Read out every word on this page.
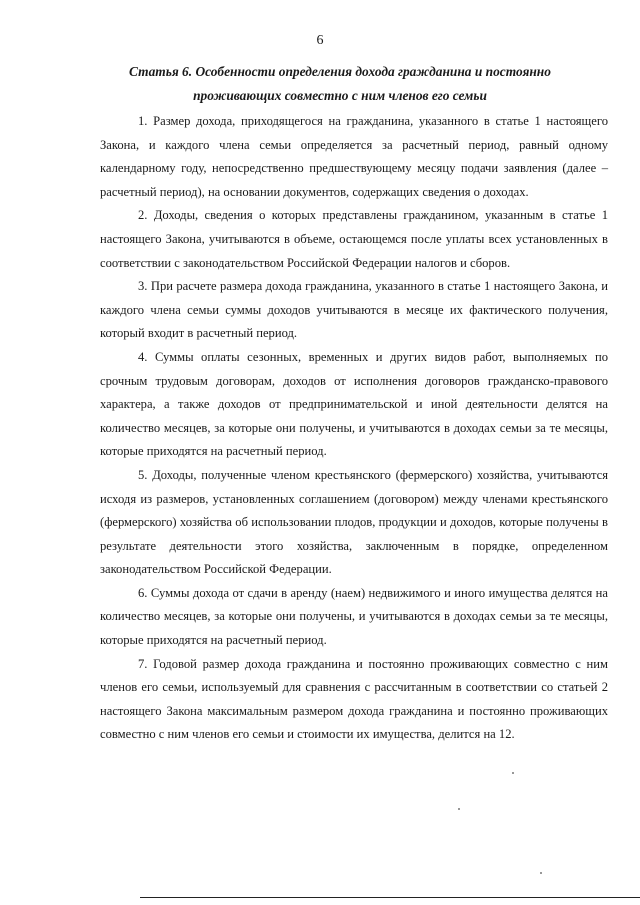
6
Статья 6. Особенности определения дохода гражданина и постоянно
проживающих совместно с ним членов его семьи

1. Размер дохода, приходящегося на гражданина, указанного в статье 1 настоящего Закона, и каждого члена семьи определяется за расчетный период, равный одному календарному году, непосредственно предшествующему месяцу подачи заявления (далее – расчетный период), на основании документов, содержащих сведения о доходах.

2. Доходы, сведения о которых представлены гражданином, указанным в статье 1 настоящего Закона, учитываются в объеме, остающемся после уплаты всех установленных в соответствии с законодательством Российской Федерации налогов и сборов.

3. При расчете размера дохода гражданина, указанного в статье 1 настоящего Закона, и каждого члена семьи суммы доходов учитываются в месяце их фактического получения, который входит в расчетный период.

4. Суммы оплаты сезонных, временных и других видов работ, выполняемых по срочным трудовым договорам, доходов от исполнения договоров гражданско-правового характера, а также доходов от предпринимательской и иной деятельности делятся на количество месяцев, за которые они получены, и учитываются в доходах семьи за те месяцы, которые приходятся на расчетный период.

5. Доходы, полученные членом крестьянского (фермерского) хозяйства, учитываются исходя из размеров, установленных соглашением (договором) между членами крестьянского (фермерского) хозяйства об использовании плодов, продукции и доходов, которые получены в результате деятельности этого хозяйства, заключенным в порядке, определенном законодательством Российской Федерации.

6. Суммы дохода от сдачи в аренду (наем) недвижимого и иного имущества делятся на количество месяцев, за которые они получены, и учитываются в доходах семьи за те месяцы, которые приходятся на расчетный период.

7. Годовой размер дохода гражданина и постоянно проживающих совместно с ним членов его семьи, используемый для сравнения с рассчитанным в соответствии со статьей 2 настоящего Закона максимальным размером дохода гражданина и постоянно проживающих совместно с ним членов его семьи и стоимости их имущества, делится на 12.
